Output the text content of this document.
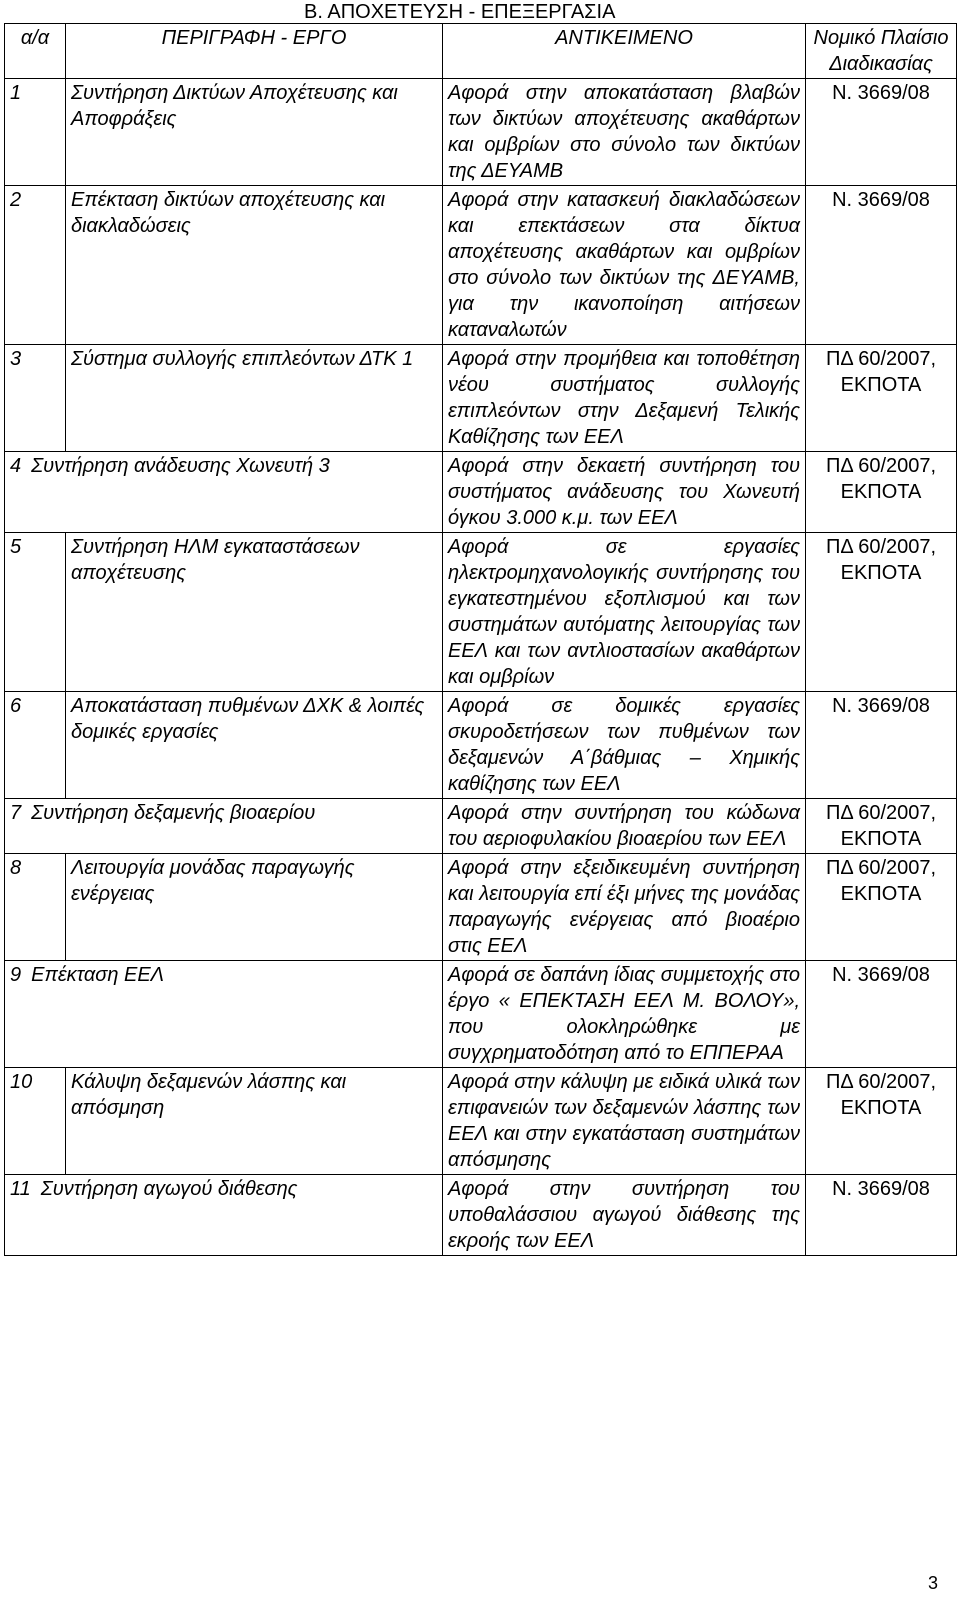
Β. ΑΠΟΧΕΤΕΥΣΗ - ΕΠΕΞΕΡΓΑΣΙΑ
α/α	ΠΕΡΙΓΡΑΦΗ - ΕΡΓΟ	ΑΝΤΙΚΕΙΜΕΝΟ	Νομικό Πλαίσιο Διαδικασίας
1	Συντήρηση Δικτύων Αποχέτευσης και Αποφράξεις	Αφορά στην αποκατάσταση βλαβών των δικτύων αποχέτευσης ακαθάρτων και ομβρίων στο σύνολο των δικτύων της ΔΕΥΑΜΒ	Ν. 3669/08
2	Επέκταση δικτύων αποχέτευσης και διακλαδώσεις	Αφορά στην κατασκευή διακλαδώσεων και επεκτάσεων στα δίκτυα αποχέτευσης ακαθάρτων και ομβρίων στο σύνολο των δικτύων της ΔΕΥΑΜΒ, για την ικανοποίηση αιτήσεων καταναλωτών	Ν. 3669/08
3	Σύστημα συλλογής επιπλεόντων ΔΤΚ 1	Αφορά στην προμήθεια και τοποθέτηση νέου συστήματος συλλογής επιπλεόντων στην Δεξαμενή Τελικής Καθίζησης των ΕΕΛ	ΠΔ 60/2007, ΕΚΠΟΤΑ
4 Συντήρηση ανάδευσης Χωνευτή 3		Αφορά στην δεκαετή συντήρηση του συστήματος ανάδευσης του Χωνευτή όγκου 3.000 κ.μ. των ΕΕΛ	ΠΔ 60/2007, ΕΚΠΟΤΑ
5	Συντήρηση ΗΛΜ εγκαταστάσεων αποχέτευσης	Αφορά σε εργασίες ηλεκτρομηχανολογικής συντήρησης του εγκατεστημένου εξοπλισμού και των συστημάτων αυτόματης λειτουργίας των ΕΕΛ και των αντλιοστασίων ακαθάρτων και ομβρίων	ΠΔ 60/2007, ΕΚΠΟΤΑ
6	Αποκατάσταση πυθμένων ΔΧΚ & λοιπές δομικές εργασίες	Αφορά σε δομικές εργασίες σκυροδετήσεων των πυθμένων των δεξαμενών Α΄βάθμιας – Χημικής καθίζησης των ΕΕΛ	Ν. 3669/08
7 Συντήρηση δεξαμενής βιοαερίου		Αφορά στην συντήρηση του κώδωνα του αεριοφυλακίου βιοαερίου των ΕΕΛ	ΠΔ 60/2007, ΕΚΠΟΤΑ
8	Λειτουργία μονάδας παραγωγής ενέργειας	Αφορά στην εξειδικευμένη συντήρηση και λειτουργία επί έξι μήνες της μονάδας παραγωγής ενέργειας από βιοαέριο στις ΕΕΛ	ΠΔ 60/2007, ΕΚΠΟΤΑ
9 Επέκταση ΕΕΛ		Αφορά σε δαπάνη ίδιας συμμετοχής στο έργο « ΕΠΕΚΤΑΣΗ ΕΕΛ Μ. ΒΟΛΟΥ», που ολοκληρώθηκε με συγχρηματοδότηση από το ΕΠΠΕΡΑΑ	Ν. 3669/08
10	Κάλυψη δεξαμενών λάσπης και απόσμηση	Αφορά στην κάλυψη με ειδικά υλικά των επιφανειών των δεξαμενών λάσπης των ΕΕΛ και στην εγκατάσταση συστημάτων απόσμησης	ΠΔ 60/2007, ΕΚΠΟΤΑ
11 Συντήρηση αγωγού διάθεσης		Αφορά στην συντήρηση του υποθαλάσσιου αγωγού διάθεσης της εκροής των ΕΕΛ	Ν. 3669/08
3
